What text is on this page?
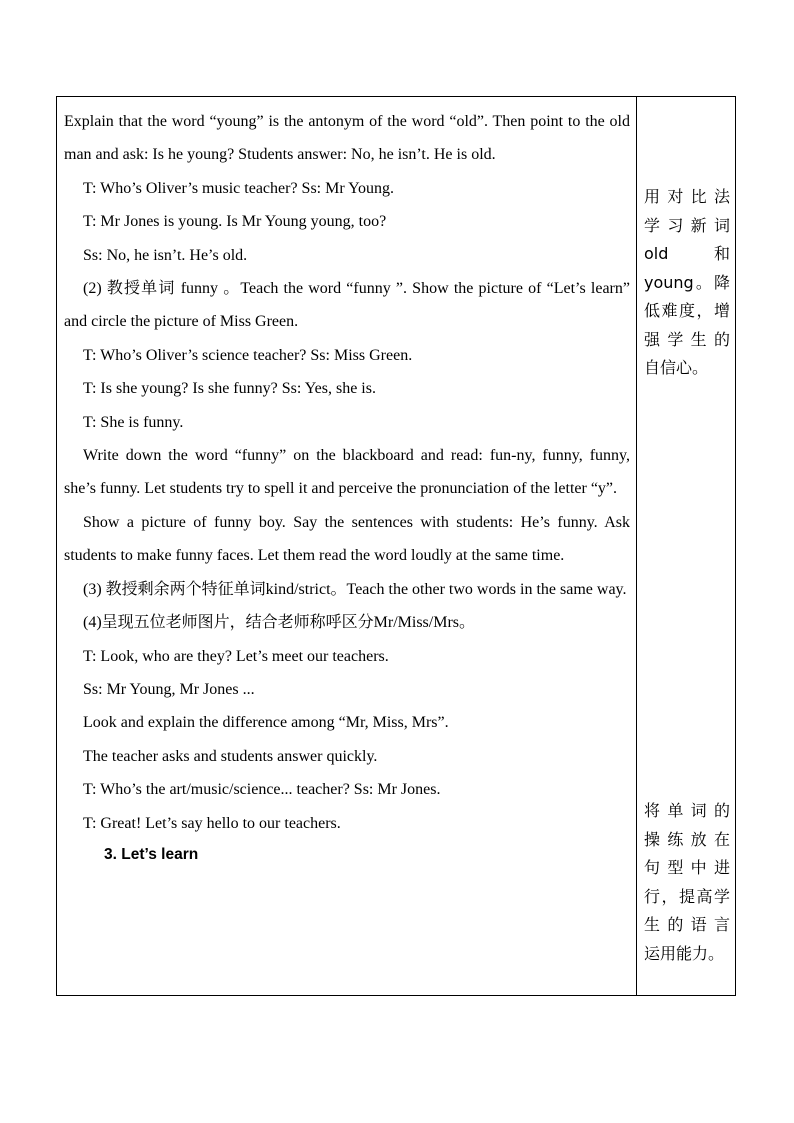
Explain that the word “young” is the antonym of the word “old”. Then point to the old man and ask: Is he young? Students answer: No, he isn’t. He is old.

T: Who’s Oliver’s music teacher? Ss: Mr Young.

T: Mr Jones is young. Is Mr Young young, too?

Ss: No, he isn’t. He’s old.

(2) 教授单词 funny 。Teach the word “funny ”. Show the picture of “Let’s learn” and circle the picture of Miss Green.

T: Who’s Oliver’s science teacher? Ss: Miss Green.

T: Is she young? Is she funny? Ss: Yes, she is.

T: She is funny.

Write down the word “funny” on the blackboard and read: fun-ny, funny, funny, she’s funny. Let students try to spell it and perceive the pronunciation of the letter “y”.

Show a picture of funny boy. Say the sentences with students: He’s funny. Ask students to make funny faces. Let them read the word loudly at the same time.

(3) 教授剩余两个特征单词kind/strict。Teach the other two words in the same way.

(4)呈现五位老师图片，结合老师称呼区分Mr/Miss/Mrs。

T: Look, who are they? Let’s meet our teachers.

Ss: Mr Young, Mr Jones ...

Look and explain the difference among “Mr, Miss, Mrs”.

The teacher asks and students answer quickly.

T: Who’s the art/music/science... teacher? Ss: Mr Jones.

T: Great! Let’s say hello to our teachers.

3. Let’s learn

用对比法
学习新词
old 和
young。降
低难度，增
强学生的
自信心。
将单词的
操练放在
句型中进
行，提高学
生的语言
运用能力。
